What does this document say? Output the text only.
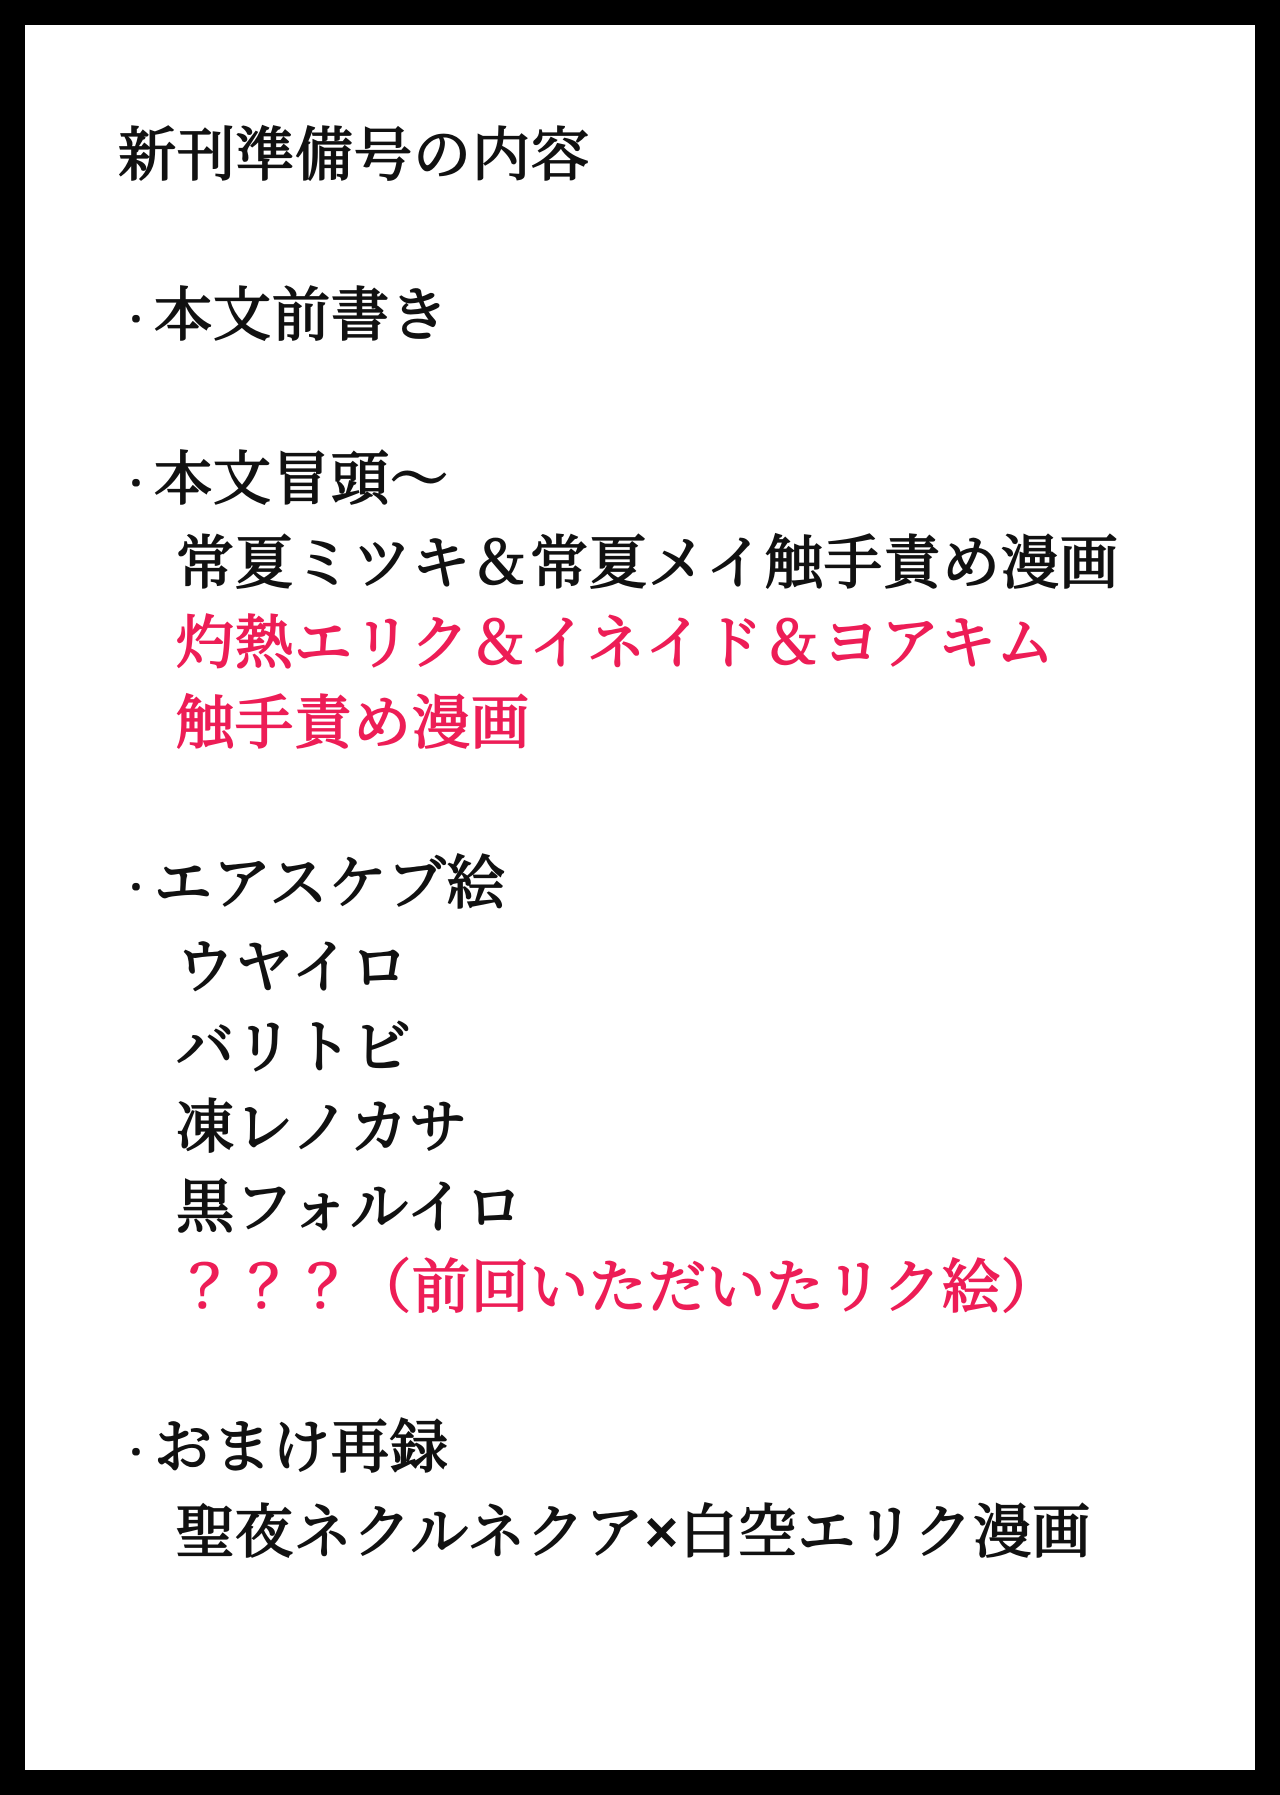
新刊準備号の内容
・本文前書き
・本文冒頭〜
常夏ミツキ＆常夏メイ触手責め漫画
灼熱エリク＆イネイド＆ヨアキム
触手責め漫画
・エアスケブ絵
ウヤイロ
バリトビ
凍レノカサ
黒フォルイロ
？？？（前回いただいたリク絵）
・おまけ再録
聖夜ネクルネクア×白空エリク漫画
